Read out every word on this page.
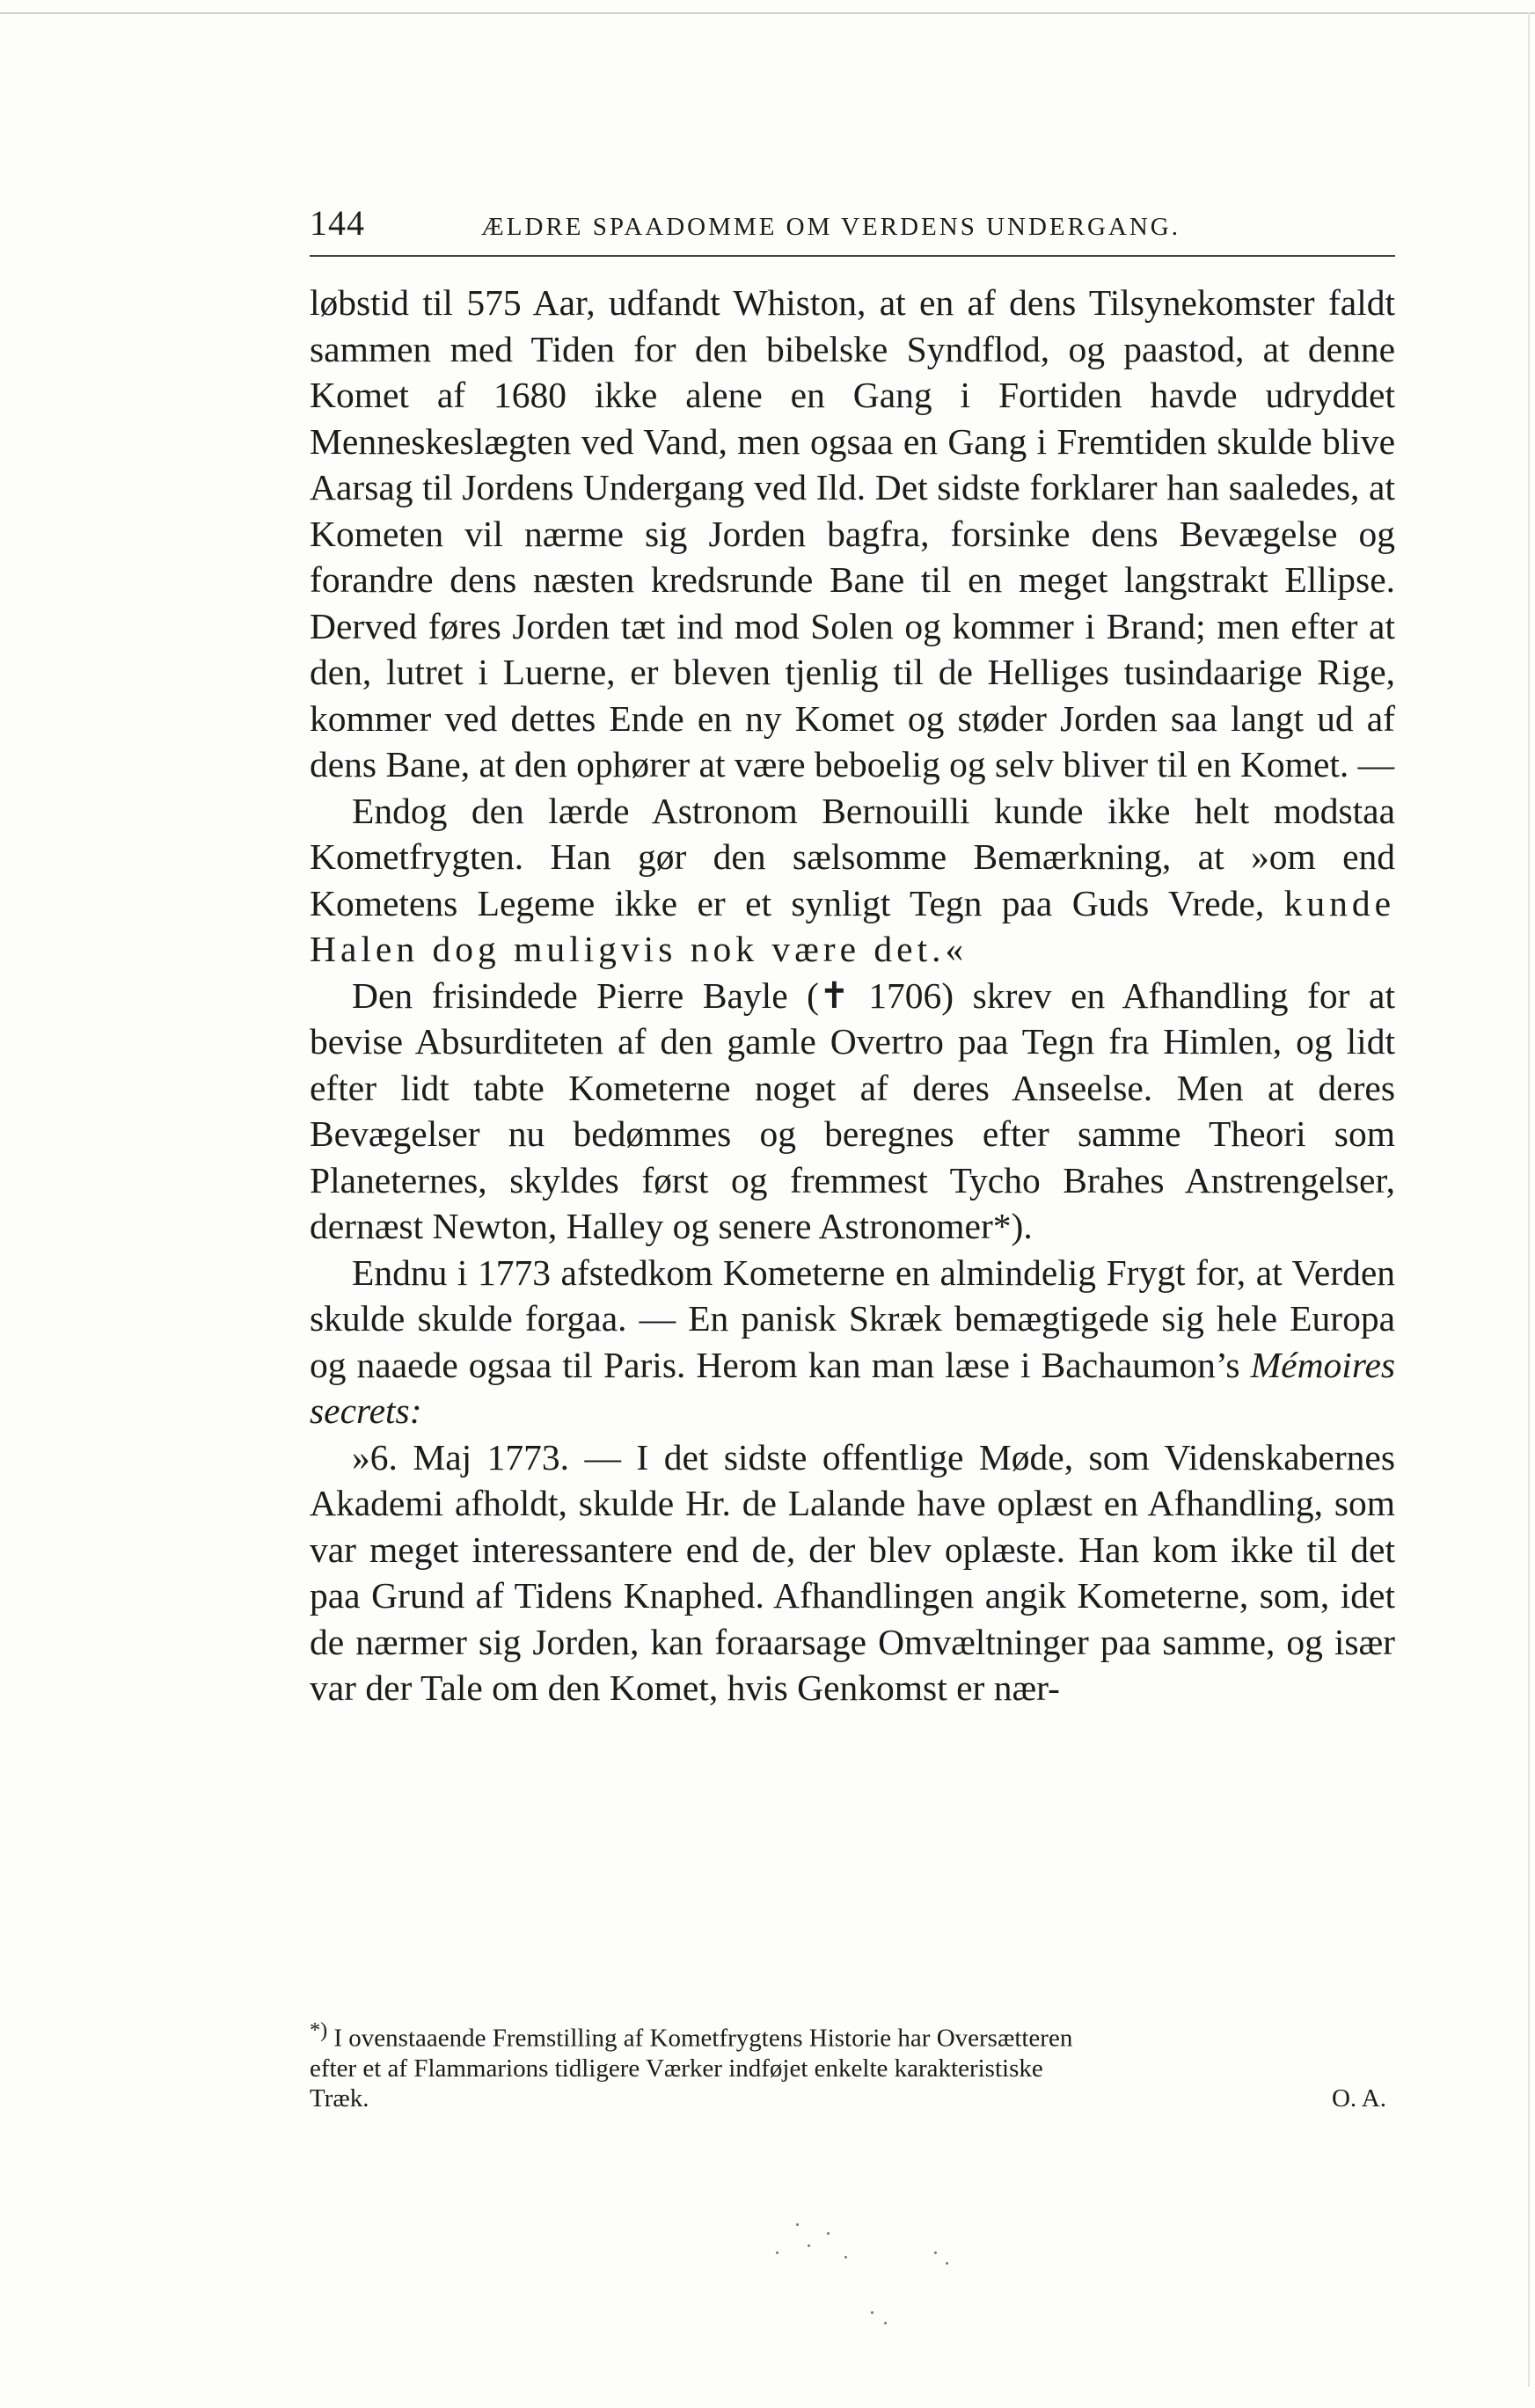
144	ÆLDRE SPAADOMME OM VERDENS UNDERGANG.

løbstid til 575 Aar, udfandt Whiston, at en af dens Tilsynekomster faldt sammen med Tiden for den bibelske Syndflod, og paastod, at denne Komet af 1680 ikke alene en Gang i Fortiden havde udryddet Menneskeslægten ved Vand, men ogsaa en Gang i Fremtiden skulde blive Aarsag til Jordens Undergang ved Ild. Det sidste forklarer han saaledes, at Kometen vil nærme sig Jorden bagfra, forsinke dens Bevægelse og forandre dens næsten kredsrunde Bane til en meget langstrakt Ellipse. Derved føres Jorden tæt ind mod Solen og kommer i Brand; men efter at den, lutret i Luerne, er bleven tjenlig til de Helliges tusindaarige Rige, kommer ved dettes Ende en ny Komet og støder Jorden saa langt ud af dens Bane, at den ophører at være beboelig og selv bliver til en Komet. —

Endog den lærde Astronom Bernouilli kunde ikke helt modstaa Kometfrygten. Han gør den sælsomme Bemærkning, at »om end Kometens Legeme ikke er et synligt Tegn paa Guds Vrede, kunde Halen dog muligvis nok være det.«

Den frisindede Pierre Bayle (✝ 1706) skrev en Afhandling for at bevise Absurditeten af den gamle Overtro paa Tegn fra Himlen, og lidt efter lidt tabte Kometerne noget af deres Anseelse. Men at deres Bevægelser nu bedømmes og beregnes efter samme Theori som Planeternes, skyldes først og fremmest Tycho Brahes Anstrengelser, dernæst Newton, Halley og senere Astronomer*).

Endnu i 1773 afstedkom Kometerne en almindelig Frygt for, at Verden skulde skulde forgaa. — En panisk Skræk bemægtigede sig hele Europa og naaede ogsaa til Paris. Herom kan man læse i Bachaumon’s Mémoires secrets:

»6. Maj 1773. — I det sidste offentlige Møde, som Videnskabernes Akademi afholdt, skulde Hr. de Lalande have oplæst en Afhandling, som var meget interessantere end de, der blev oplæste. Han kom ikke til det paa Grund af Tidens Knaphed. Afhandlingen angik Kometerne, som, idet de nærmer sig Jorden, kan foraarsage Omvæltninger paa samme, og især var der Tale om den Komet, hvis Genkomst er nær-

*) I ovenstaaende Fremstilling af Kometfrygtens Historie har Oversætteren
efter et af Flammarions tidligere Værker indføjet enkelte karakteristiske
Træk.	O. A.
